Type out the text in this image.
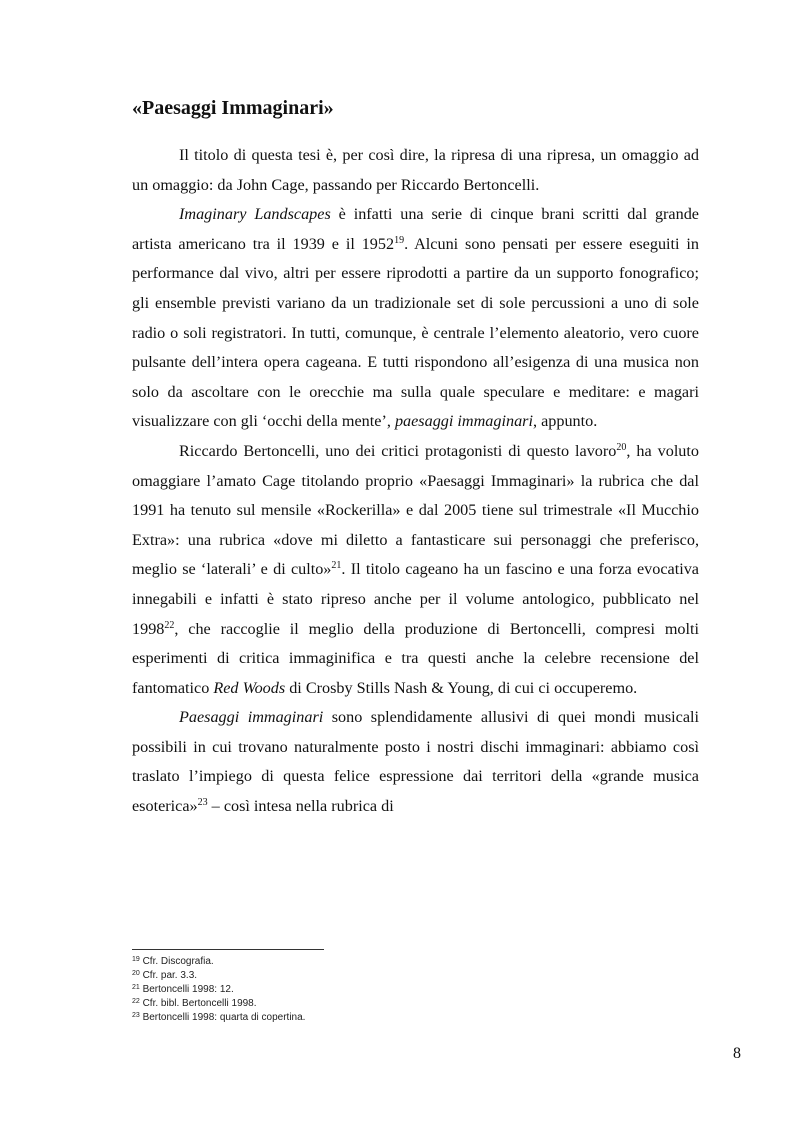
«Paesaggi Immaginari»

Il titolo di questa tesi è, per così dire, la ripresa di una ripresa, un omaggio ad un omaggio: da John Cage, passando per Riccardo Bertoncelli.

Imaginary Landscapes è infatti una serie di cinque brani scritti dal grande artista americano tra il 1939 e il 1952$^{19}$. Alcuni sono pensati per essere eseguiti in performance dal vivo, altri per essere riprodotti a partire da un supporto fonografico; gli ensemble previsti variano da un tradizionale set di sole percussioni a uno di sole radio o soli registratori. In tutti, comunque, è centrale l’elemento aleatorio, vero cuore pulsante dell’intera opera cageana. E tutti rispondono all’esigenza di una musica non solo da ascoltare con le orecchie ma sulla quale speculare e meditare: e magari visualizzare con gli ‘occhi della mente’, paesaggi immaginari, appunto.

Riccardo Bertoncelli, uno dei critici protagonisti di questo lavoro$^{20}$, ha voluto omaggiare l’amato Cage titolando proprio «Paesaggi Immaginari» la rubrica che dal 1991 ha tenuto sul mensile «Rockerilla» e dal 2005 tiene sul trimestrale «Il Mucchio Extra»: una rubrica «dove mi diletto a fantasticare sui personaggi che preferisco, meglio se ‘laterali’ e di culto»$^{21}$. Il titolo cageano ha un fascino e una forza evocativa innegabili e infatti è stato ripreso anche per il volume antologico, pubblicato nel 1998$^{22}$, che raccoglie il meglio della produzione di Bertoncelli, compresi molti esperimenti di critica immaginifica e tra questi anche la celebre recensione del fantomatico Red Woods di Crosby Stills Nash & Young, di cui ci occuperemo.

Paesaggi immaginari sono splendidamente allusivi di quei mondi musicali possibili in cui trovano naturalmente posto i nostri dischi immaginari: abbiamo così traslato l’impiego di questa felice espressione dai territori della «grande musica esoterica»$^{23}$ – così intesa nella rubrica di

$^{19}$ Cfr. Discografia.
$^{20}$ Cfr. par. 3.3.
$^{21}$ Bertoncelli 1998: 12.
$^{22}$ Cfr. bibl. Bertoncelli 1998.
$^{23}$ Bertoncelli 1998: quarta di copertina.
8
